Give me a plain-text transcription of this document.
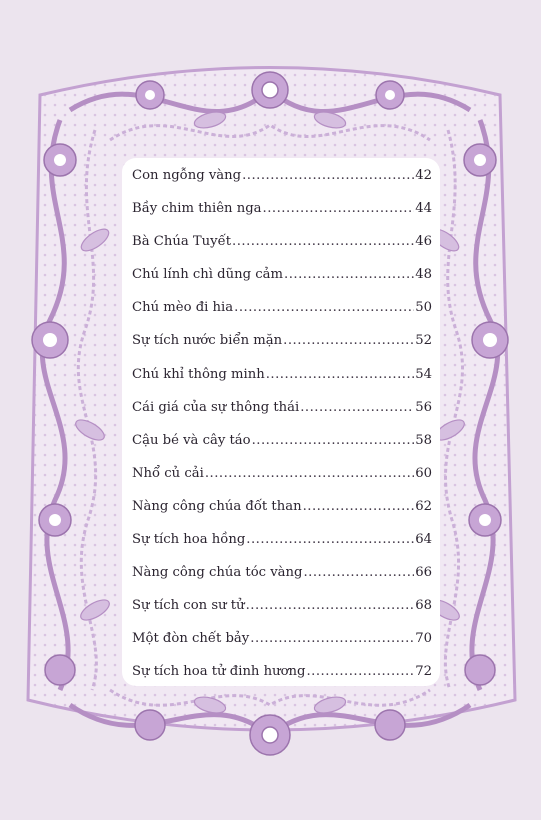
Con ngỗng vàng .....	42
Bầy chim thiên nga .....	44
Bà Chúa Tuyết .....	46
Chú lính chì dũng cảm .....	48
Chú mèo đi hia .....	50
Sự tích nước biển mặn .....	52
Chú khỉ thông minh .....	54
Cái giá của sự thông thái .....	56
Cậu bé và cây táo .....	58
Nhổ củ cải .....	60
Nàng công chúa đốt than .....	62
Sự tích hoa hồng .....	64
Nàng công chúa tóc vàng .....	66
Sự tích con sư tử .....	68
Một đòn chết bảy .....	70
Sự tích hoa tử đinh hương .....	72
